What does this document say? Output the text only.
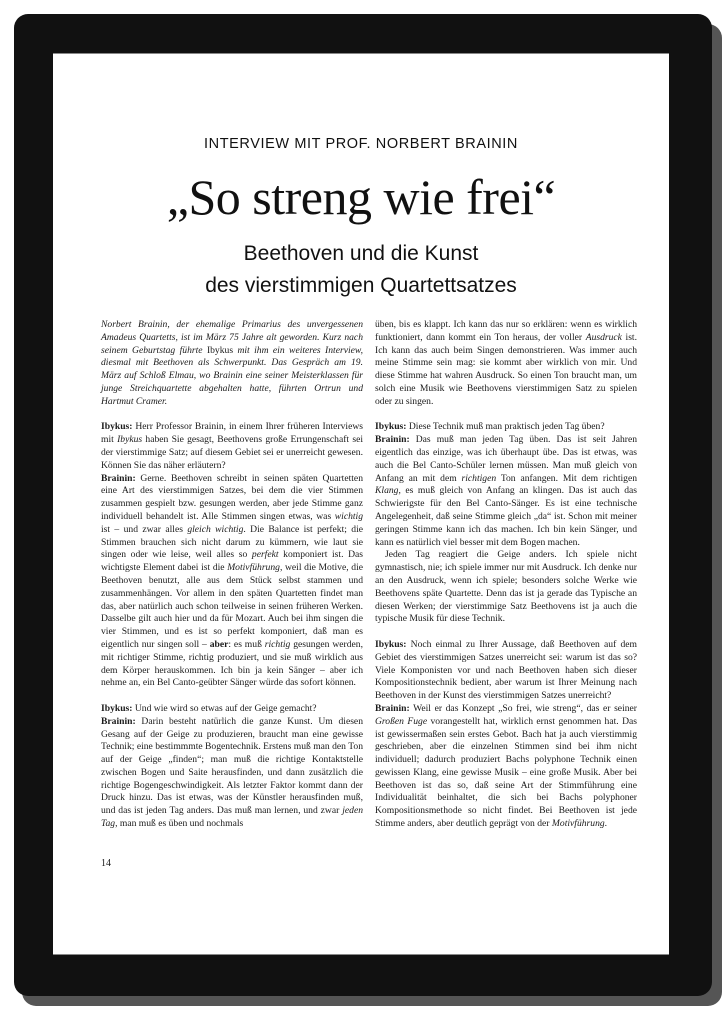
INTERVIEW MIT PROF. NORBERT BRAININ
„So streng wie frei“
Beethoven und die Kunst
des vierstimmigen Quartettsatzes

Norbert Brainin, der ehemalige Primarius des unvergessenen Amadeus Quartetts, ist im März 75 Jahre alt geworden. Kurz nach seinem Geburtstag führte Ibykus mit ihm ein weiteres Interview, diesmal mit Beethoven als Schwerpunkt. Das Gespräch am 19. März auf Schloß Elmau, wo Brainin eine seiner Meisterklassen für junge Streichquartette abgehalten hatte, führten Ortrun und Hartmut Cramer.

Ibykus: Herr Professor Brainin, in einem Ihrer früheren Interviews mit Ibykus haben Sie gesagt, Beethovens große Errungenschaft sei der vierstimmige Satz; auf diesem Gebiet sei er unerreicht gewesen. Können Sie das näher erläutern?

Brainin: Gerne. Beethoven schreibt in seinen späten Quartetten eine Art des vierstimmigen Satzes, bei dem die vier Stimmen zusammen gespielt bzw. gesungen werden, aber jede Stimme ganz individuell behandelt ist. Alle Stimmen singen etwas, was wichtig ist – und zwar alles gleich wichtig. Die Balance ist perfekt; die Stimmen brauchen sich nicht darum zu kümmern, wie laut sie singen oder wie leise, weil alles so perfekt komponiert ist. Das wichtigste Element dabei ist die Motivführung, weil die Motive, die Beethoven benutzt, alle aus dem Stück selbst stammen und zusammenhängen. Vor allem in den späten Quartetten findet man das, aber natürlich auch schon teilweise in seinen früheren Werken. Dasselbe gilt auch hier und da für Mozart. Auch bei ihm singen die vier Stimmen, und es ist so perfekt komponiert, daß man es eigentlich nur singen soll – aber: es muß richtig gesungen werden, mit richtiger Stimme, richtig produziert, und sie muß wirklich aus dem Körper herauskommen. Ich bin ja kein Sänger – aber ich nehme an, ein Bel Canto-geübter Sänger würde das sofort können.

Ibykus: Und wie wird so etwas auf der Geige gemacht?

Brainin: Darin besteht natürlich die ganze Kunst. Um diesen Gesang auf der Geige zu produzieren, braucht man eine gewisse Technik; eine bestimmmte Bogentechnik. Erstens muß man den Ton auf der Geige „finden“; man muß die richtige Kontaktstelle zwischen Bogen und Saite herausfinden, und dann zusätzlich die richtige Bogengeschwindigkeit. Als letzter Faktor kommt dann der Druck hinzu. Das ist etwas, was der Künstler herausfinden muß, und das ist jeden Tag anders. Das muß man lernen, und zwar jeden Tag, man muß es üben und nochmals

üben, bis es klappt. Ich kann das nur so erklären: wenn es wirklich funktioniert, dann kommt ein Ton heraus, der voller Ausdruck ist. Ich kann das auch beim Singen demonstrieren. Was immer auch meine Stimme sein mag: sie kommt aber wirklich von mir. Und diese Stimme hat wahren Ausdruck. So einen Ton braucht man, um solch eine Musik wie Beethovens vierstimmigen Satz zu spielen oder zu singen.

Ibykus: Diese Technik muß man praktisch jeden Tag üben?

Brainin: Das muß man jeden Tag üben. Das ist seit Jahren eigentlich das einzige, was ich überhaupt übe. Das ist etwas, was auch die Bel Canto-Schüler lernen müssen. Man muß gleich von Anfang an mit dem richtigen Ton anfangen. Mit dem richtigen Klang, es muß gleich von Anfang an klingen. Das ist auch das Schwierigste für den Bel Canto-Sänger. Es ist eine technische Angelegenheit, daß seine Stimme gleich „da“ ist. Schon mit meiner geringen Stimme kann ich das machen. Ich bin kein Sänger, und kann es natürlich viel besser mit dem Bogen machen.

Jeden Tag reagiert die Geige anders. Ich spiele nicht gymnastisch, nie; ich spiele immer nur mit Ausdruck. Ich denke nur an den Ausdruck, wenn ich spiele; besonders solche Werke wie Beethovens späte Quartette. Denn das ist ja gerade das Typische an diesen Werken; der vierstimmige Satz Beethovens ist ja auch die typische Musik für diese Technik.

Ibykus: Noch einmal zu Ihrer Aussage, daß Beethoven auf dem Gebiet des vierstimmigen Satzes unerreicht sei: warum ist das so? Viele Komponisten vor und nach Beethoven haben sich dieser Kompositionstechnik bedient, aber warum ist Ihrer Meinung nach Beethoven in der Kunst des vierstimmigen Satzes unerreicht?

Brainin: Weil er das Konzept „So frei, wie streng“, das er seiner Großen Fuge vorangestellt hat, wirklich ernst genommen hat. Das ist gewissermaßen sein erstes Gebot. Bach hat ja auch vierstimmig geschrieben, aber die einzelnen Stimmen sind bei ihm nicht individuell; dadurch produziert Bachs polyphone Technik einen gewissen Klang, eine gewisse Musik – eine große Musik. Aber bei Beethoven ist das so, daß seine Art der Stimmführung eine Individualität beinhaltet, die sich bei Bachs polyphoner Kompositionsmethode so nicht findet. Bei Beethoven ist jede Stimme anders, aber deutlich geprägt von der Motivführung.

14
